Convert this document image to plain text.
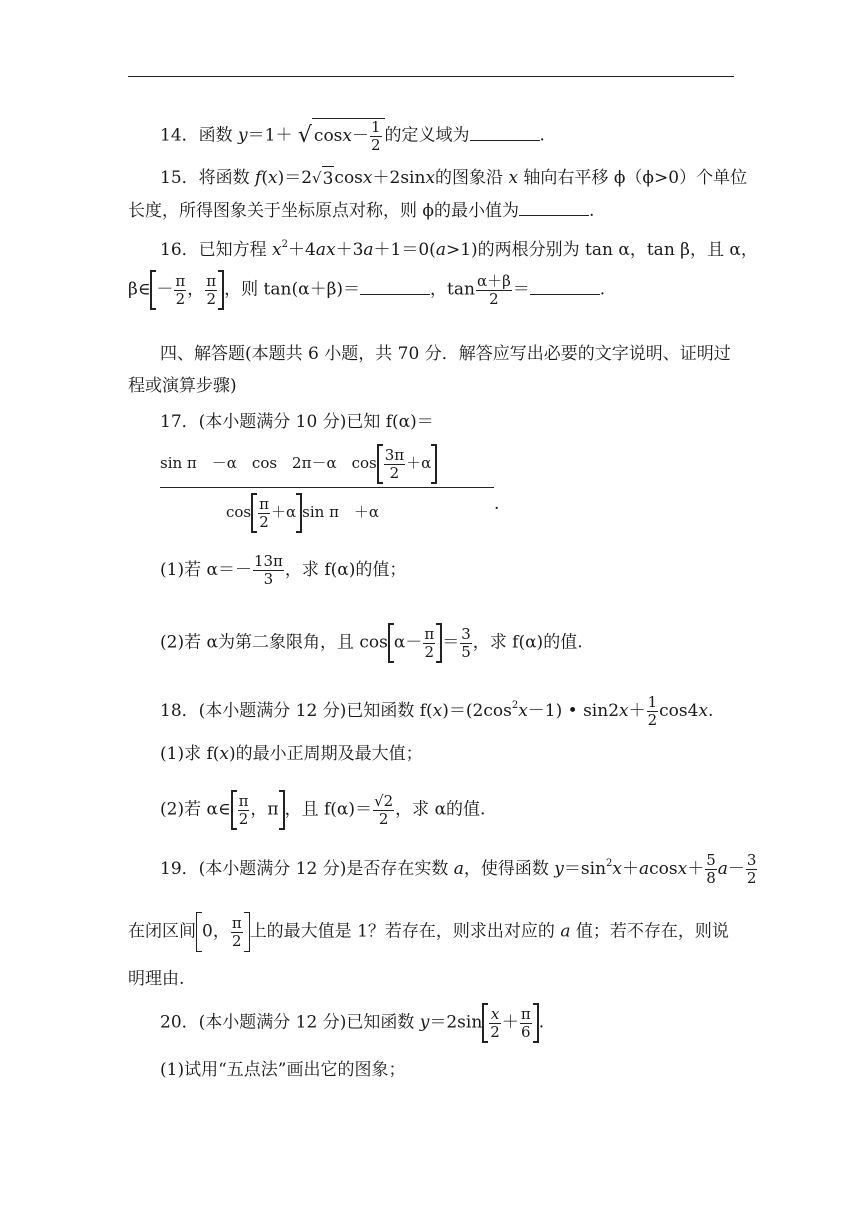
14．函数 y＝1＋ √ $\cos x- \frac{1}{2}$ 的定义域为	.
15．将函数 f(x)＝2√3cosx＋2sinx的图象沿 x 轴向右平移 ϕ（ϕ>0）个单位
长度，所得图象关于坐标原点对称，则 ϕ的最小值为	.
16．已知方程 $x^2+4ax+3a+1=0(a>1)$的两根分别为 tan α，tan β，且 α，
β∈ － $\frac{\pi}{2}$ ， $\frac{\pi}{2}$ ，则 tan(α＋β)＝	，$\tan \frac{\alpha+\beta}{2}$ ＝	.
四、解答题(本题共 6 小题，共 70 分．解答应写出必要的文字说明、证明过
程或演算步骤)
17．(本小题满分 10 分)已知 f(α)＝
sin π　－α　cos　2π－α　$\cos \frac{3\pi}{2} +\alpha$
.
$\cos \frac{\pi}{2} +\alpha$ sin π　＋α
(1)若 $\alpha=- \frac{13\pi}{3}$ ，求 f(α)的值；
(2)若 α为第二象限角，且 $\cos \alpha- \frac{\pi}{2} = \frac{3}{5}$ ，求 f(α)的值.
18．(本小题满分 12 分)已知函数 $f(x)=(2\cos^2x-1)$ • $\sin 2x+ \frac{1}{2} \cos 4x$.
(1)求 f(x)的最小正周期及最大值；
(2)若 α∈ $\frac{\pi}{2}$ ，π ，且 $f(\alpha)= \frac{√2}{2}$ ，求 α的值.
19．(本小题满分 12 分)是否存在实数 a，使得函数 $y=\sin^2x+acosx+ \frac{5}{8} a- \frac{3}{2}$
在闭区间 0， $\frac{\pi}{2}$ 上的最大值是 1？若存在，则求出对应的 a 值；若不存在，则说
明理由.
20．(本小题满分 12 分)已知函数 $y=2\sin \frac{x}{2} + \frac{\pi}{6}$ .
(1)试用“五点法”画出它的图象；
